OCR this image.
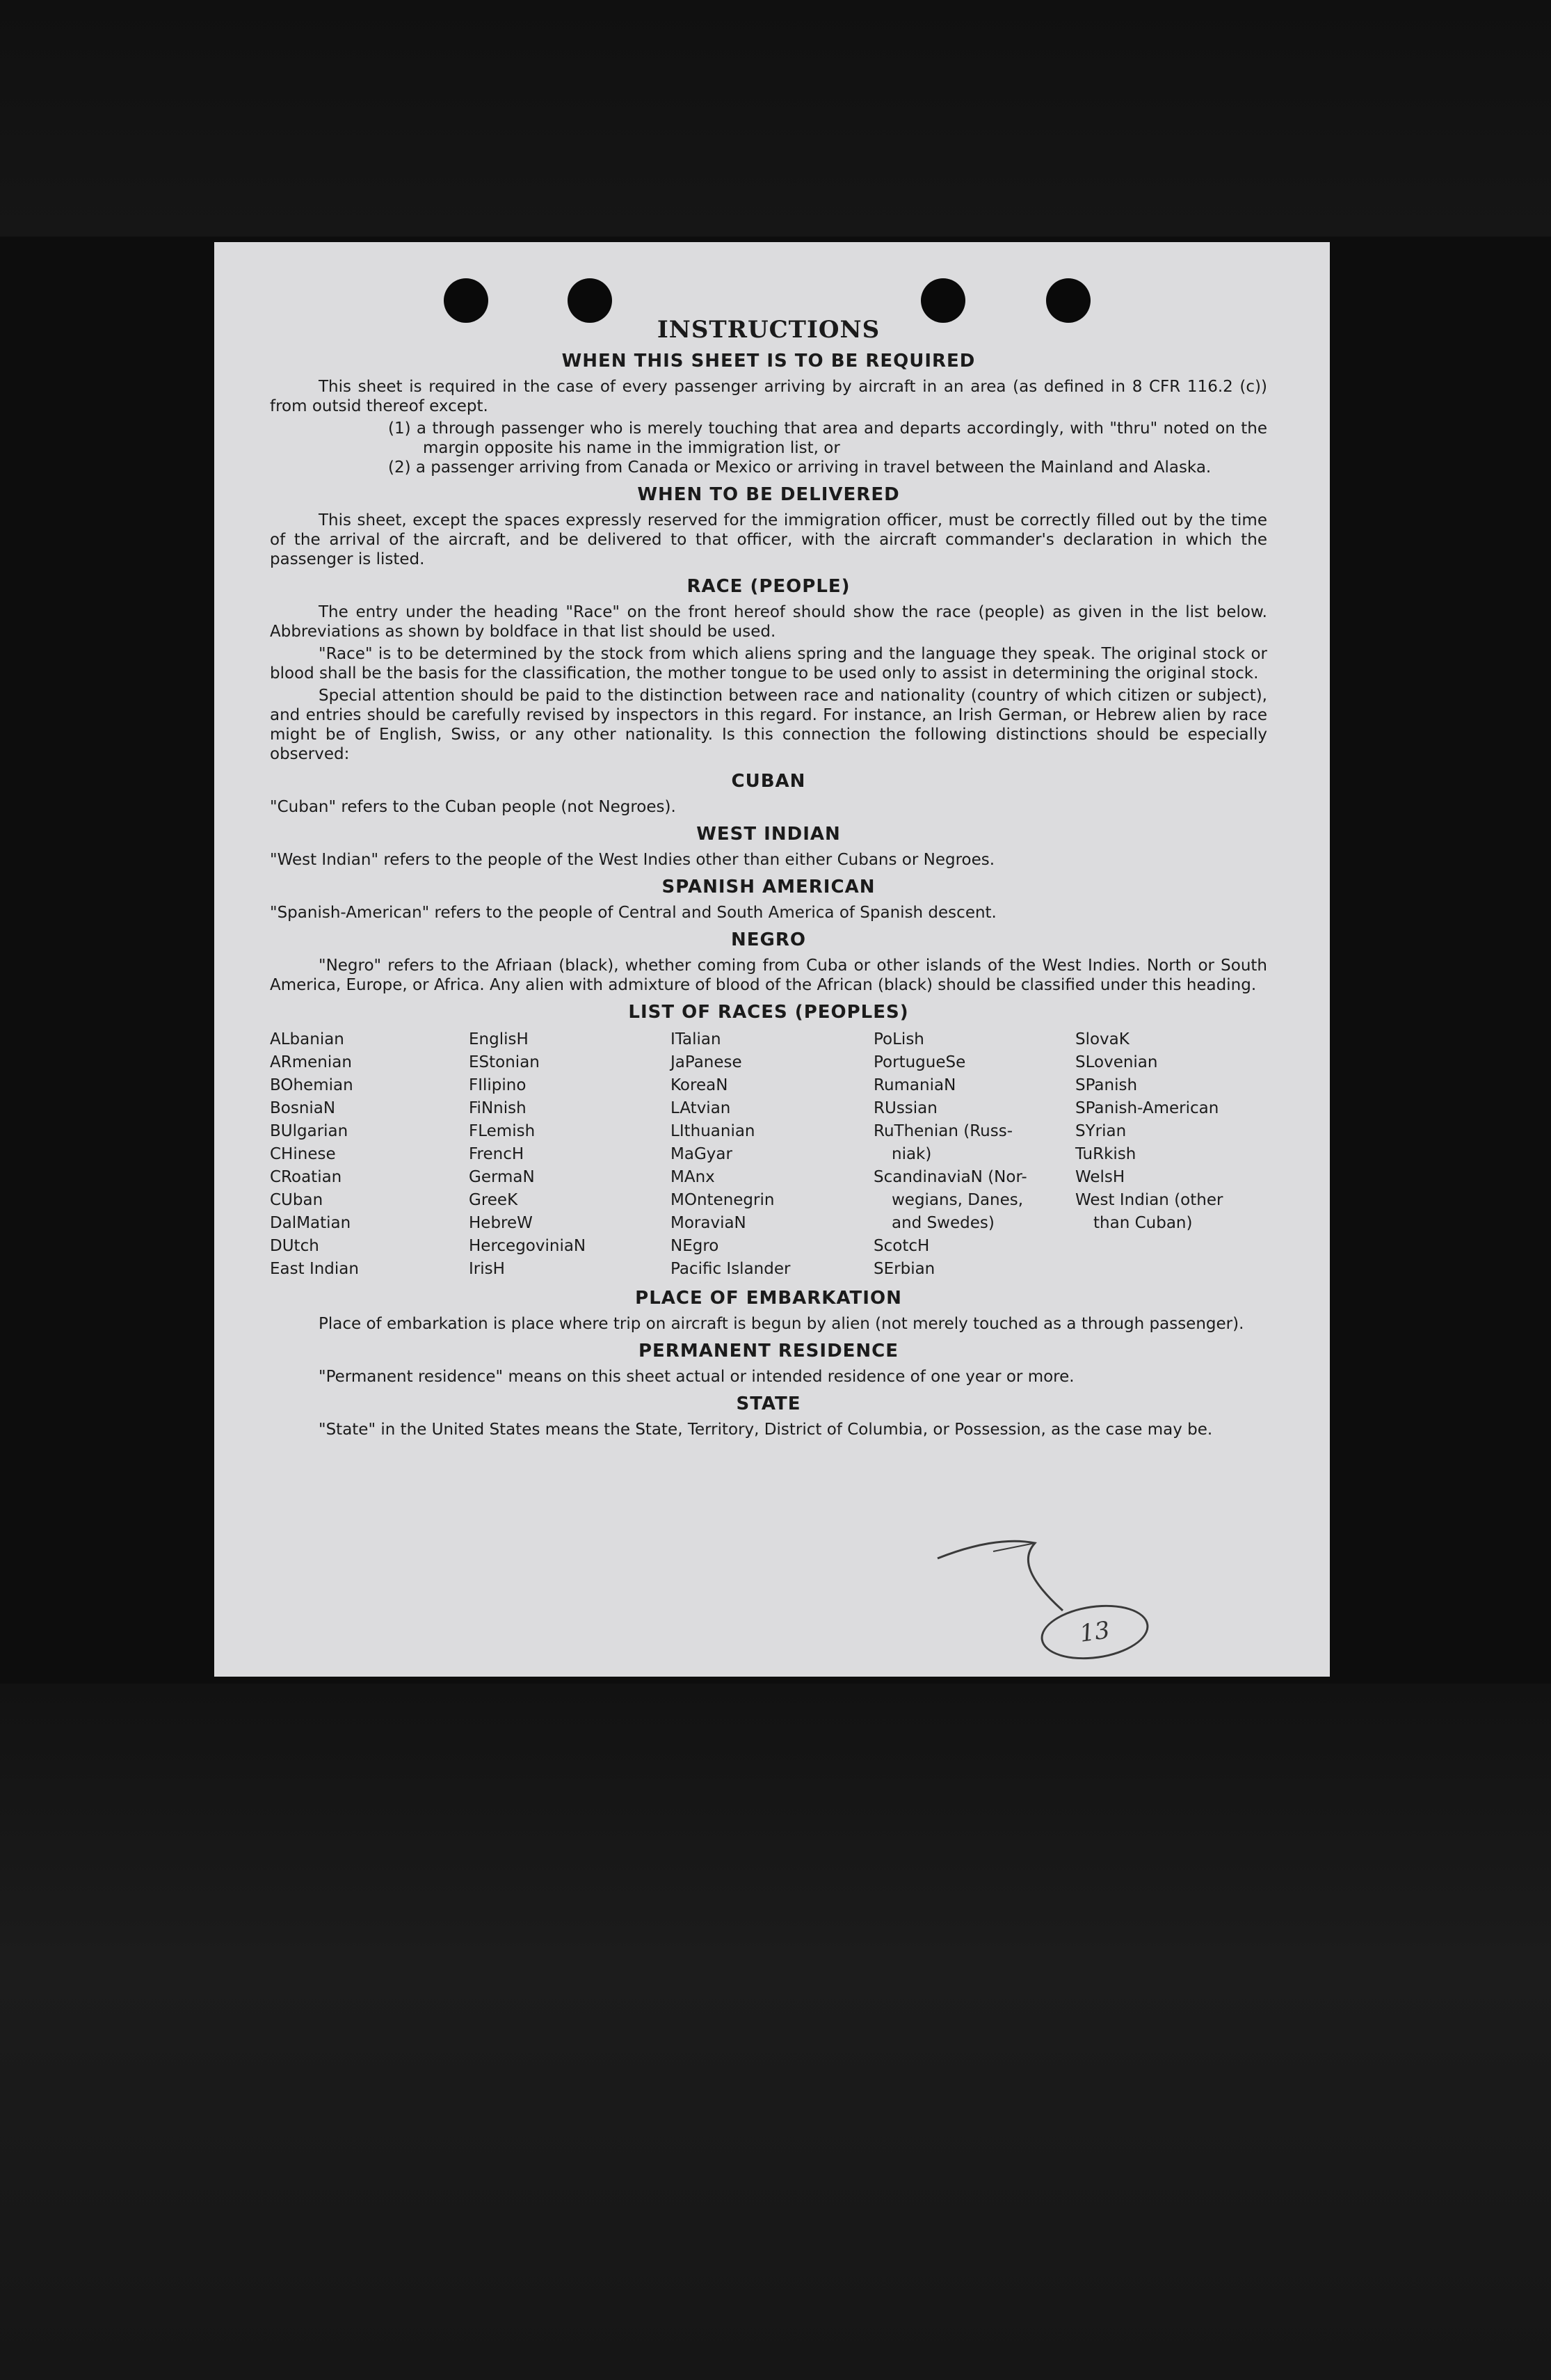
INSTRUCTIONS
WHEN THIS SHEET IS TO BE REQUIRED

This sheet is required in the case of every passenger arriving by aircraft in an area (as defined in 8 CFR 116.2 (c)) from outsid thereof except.

(1) a through passenger who is merely touching that area and departs accordingly, with "thru" noted on the margin opposite his name in the immigration list, or

(2) a passenger arriving from Canada or Mexico or arriving in travel between the Mainland and Alaska.

WHEN TO BE DELIVERED

This sheet, except the spaces expressly reserved for the immigration officer, must be correctly filled out by the time of the arrival of the aircraft, and be delivered to that officer, with the aircraft commander's declaration in which the passenger is listed.

RACE (PEOPLE)

The entry under the heading "Race" on the front hereof should show the race (people) as given in the list below. Abbreviations as shown by boldface in that list should be used.

"Race" is to be determined by the stock from which aliens spring and the language they speak. The original stock or blood shall be the basis for the classification, the mother tongue to be used only to assist in determining the original stock.

Special attention should be paid to the distinction between race and nationality (country of which citizen or subject), and entries should be carefully revised by inspectors in this regard. For instance, an Irish German, or Hebrew alien by race might be of English, Swiss, or any other nationality. Is this connection the following distinctions should be especially observed:

CUBAN

"Cuban" refers to the Cuban people (not Negroes).

WEST INDIAN

"West Indian" refers to the people of the West Indies other than either Cubans or Negroes.

SPANISH AMERICAN

"Spanish-American" refers to the people of Central and South America of Spanish descent.

NEGRO

"Negro" refers to the Afriaan (black), whether coming from Cuba or other islands of the West Indies. North or South America, Europe, or Africa. Any alien with admixture of blood of the African (black) should be classified under this heading.

LIST OF RACES (PEOPLES)
ALbanian
ARmenian
BOhemian
BosniaN
BUlgarian
CHinese
CRoatian
CUban
DalMatian
DUtch
East Indian
EnglisH
EStonian
FIlipino
FiNnish
FLemish
FrencH
GermaN
GreeK
HebreW
HercegoviniaN
IrisH
ITalian
JaPanese
KoreaN
LAtvian
LIthuanian
MaGyar
MAnx
MOntenegrin
MoraviaN
NEgro
Pacific Islander
PoLish
PortugueSe
RumaniaN
RUssian
RuThenian (Russ-
niak)
ScandinaviaN (Nor-
wegians, Danes,
and Swedes)
ScotcH
SErbian
SlovaK
SLovenian
SPanish
SPanish-American
SYrian
TuRkish
WelsH
West Indian (other
than Cuban)
PLACE OF EMBARKATION

Place of embarkation is place where trip on aircraft is begun by alien (not merely touched as a through passenger).

PERMANENT RESIDENCE

"Permanent residence" means on this sheet actual or intended residence of one year or more.

STATE

"State" in the United States means the State, Territory, District of Columbia, or Possession, as the case may be.

13
